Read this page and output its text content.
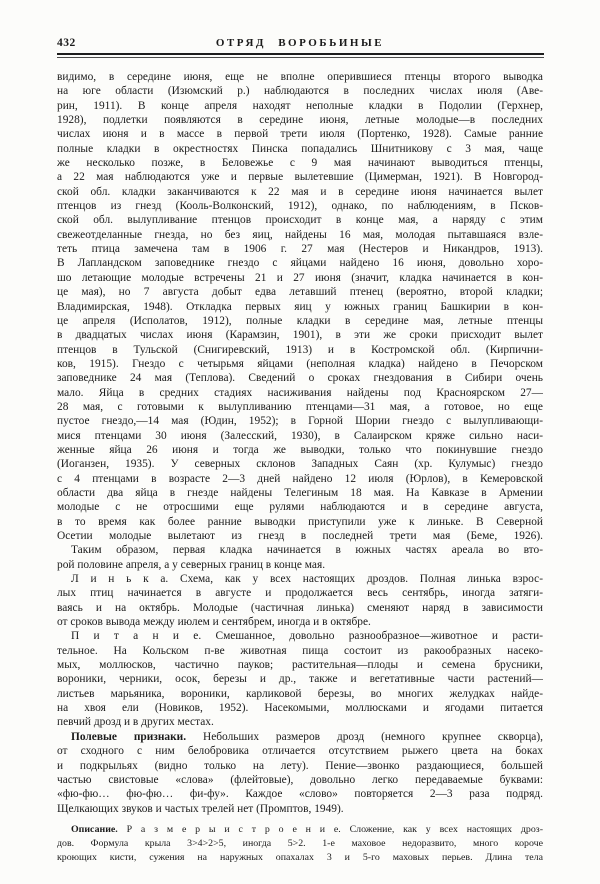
432	ОТРЯД ВОРОБЬИНЫЕ
видимо, в середине июня, еще не вполне оперившиеся птенцы второго выводка
на юге области (Изюмский р.) наблюдаются в последних числах июля (Аве-
рин, 1911). В конце апреля находят неполные кладки в Подолии (Герхнер,
1928), подлетки появляются в середине июня, летные молодые—в последних
числах июня и в массе в первой трети июля (Портенко, 1928). Самые ранние
полные кладки в окрестностях Пинска попадались Шнитникову с 3 мая, чаще
же несколько позже, в Беловежье с 9 мая начинают выводиться птенцы,
а 22 мая наблюдаются уже и первые вылетевшие (Цимерман, 1921). В Новгород-
ской обл. кладки заканчиваются к 22 мая и в середине июня начинается вылет
птенцов из гнезд (Кооль-Волконский, 1912), однако, по наблюдениям, в Псков-
ской обл. вылупливание птенцов происходит в конце мая, а наряду с этим
свежеотделанные гнезда, но без яиц, найдены 16 мая, молодая пытавшаяся взле-
теть птица замечена там в 1906 г. 27 мая (Нестеров и Никандров, 1913).
В Лапландском заповеднике гнездо с яйцами найдено 16 июня, довольно хоро-
шо летающие молодые встречены 21 и 27 июня (значит, кладка начинается в кон-
це мая), но 7 августа добыт едва летавший птенец (вероятно, второй кладки;
Владимирская, 1948). Откладка первых яиц у южных границ Башкирии в кон-
це апреля (Исполатов, 1912), полные кладки в середине мая, летные птенцы
в двадцатых числах июня (Карамзин, 1901), в эти же сроки присходит вылет
птенцов в Тульской (Снигиревский, 1913) и в Костромской обл. (Кирпични-
ков, 1915). Гнездо с четырьмя яйцами (неполная кладка) найдено в Печорском
заповеднике 24 мая (Теплова). Сведений о сроках гнездования в Сибири очень
мало. Яйца в средних стадиях насиживания найдены под Красноярском 27—
28 мая, с готовыми к вылупливанию птенцами—31 мая, а готовое, но еще
пустое гнездо,—14 мая (Юдин, 1952); в Горной Шории гнездо с вылупливающи-
мися птенцами 30 июня (Залесский, 1930), в Салаирском кряже сильно наси-
женные яйца 26 июня и тогда же выводки, только что покинувшие гнездо
(Иоганзен, 1935). У северных склонов Западных Саян (хр. Кулумыс) гнездо
с 4 птенцами в возрасте 2—3 дней найдено 12 июля (Юрлов), в Кемеровской
области два яйца в гнезде найдены Телегиным 18 мая. На Кавказе в Армении
молодые с не отросшими еще рулями наблюдаются и в середине августа,
в то время как более ранние выводки приступили уже к линьке. В Северной
Осетии молодые вылетают из гнезд в последней трети мая (Беме, 1926).
Таким образом, первая кладка начинается в южных частях ареала во вто-
рой половине апреля, а у северных границ в конце мая.
Л и н ь к а. Схема, как у всех настоящих дроздов. Полная линька взрос-
лых птиц начинается в августе и продолжается весь сентябрь, иногда затяги-
ваясь и на октябрь. Молодые (частичная линька) сменяют наряд в зависимости
от сроков вывода между июлем и сентябрем, иногда и в октябре.
П и т а н и е. Смешанное, довольно разнообразное—животное и расти-
тельное. На Кольском п-ве животная пища состоит из ракообразных насеко-
мых, моллюсков, частично пауков; растительная—плоды и семена брусники,
вороники, черники, осок, березы и др., также и вегетативные части растений—
листьев марьяника, вороники, карликовой березы, во многих желудках найде-
на хвоя ели (Новиков, 1952). Насекомыми, моллюсками и ягодами питается
певчий дрозд и в других местах.
Полевые признаки. Небольших размеров дрозд (немного крупнее скворца),
от сходного с ним белобровика отличается отсутствием рыжего цвета на боках
и подкрыльях (видно только на лету). Пение—звонко раздающиеся, большей
частью свистовые «слова» (флейтовые), довольно легко передаваемые буквами:
«фю-фю… фю-фю… фи-фу». Каждое «слово» повторяется 2—3 раза подряд.
Щелкающих звуков и частых трелей нет (Промптов, 1949).
Описание. Р а з м е р ы и с т р о е н и е. Сложение, как у всех настоящих дроз-
дов. Формула крыла 3>4>2>5, иногда 5>2. 1-е маховое недоразвито, много короче
кроющих кисти, сужения на наружных опахалах 3 и 5-го маховых перьев. Длина тела
